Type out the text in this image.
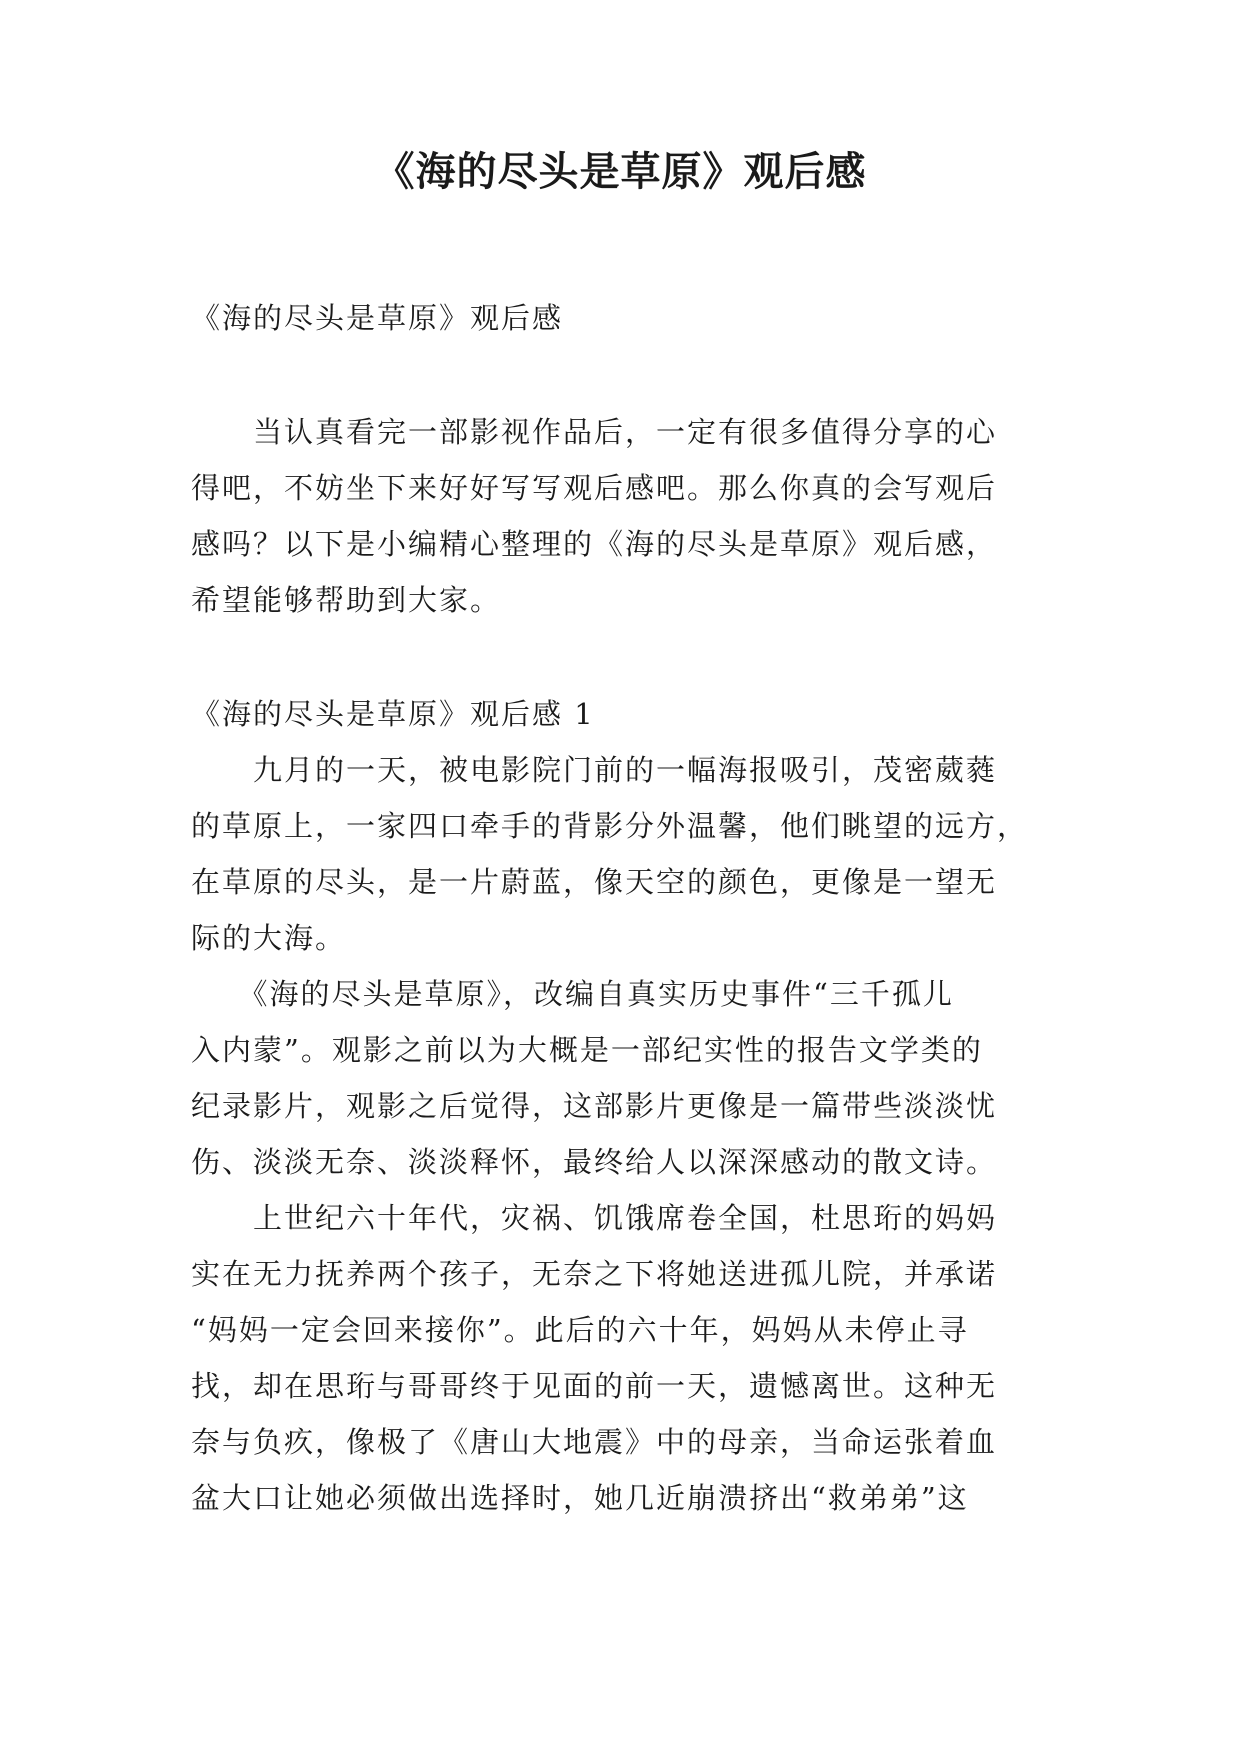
《海的尽头是草原》观后感
《海的尽头是草原》观后感
　　当认真看完一部影视作品后，一定有很多值得分享的心
得吧，不妨坐下来好好写写观后感吧。那么你真的会写观后
感吗？以下是小编精心整理的《海的尽头是草原》观后感，
希望能够帮助到大家。
《海的尽头是草原》观后感 1
　　九月的一天，被电影院门前的一幅海报吸引，茂密葳蕤
的草原上，一家四口牵手的背影分外温馨，他们眺望的远方，
在草原的尽头，是一片蔚蓝，像天空的颜色，更像是一望无
际的大海。
　　《海的尽头是草原》，改编自真实历史事件“三千孤儿
入内蒙”。观影之前以为大概是一部纪实性的报告文学类的
纪录影片，观影之后觉得，这部影片更像是一篇带些淡淡忧
伤、淡淡无奈、淡淡释怀，最终给人以深深感动的散文诗。
　　上世纪六十年代，灾祸、饥饿席卷全国，杜思珩的妈妈
实在无力抚养两个孩子，无奈之下将她送进孤儿院，并承诺
“妈妈一定会回来接你”。此后的六十年，妈妈从未停止寻
找，却在思珩与哥哥终于见面的前一天，遗憾离世。这种无
奈与负疚，像极了《唐山大地震》中的母亲，当命运张着血
盆大口让她必须做出选择时，她几近崩溃挤出“救弟弟”这
